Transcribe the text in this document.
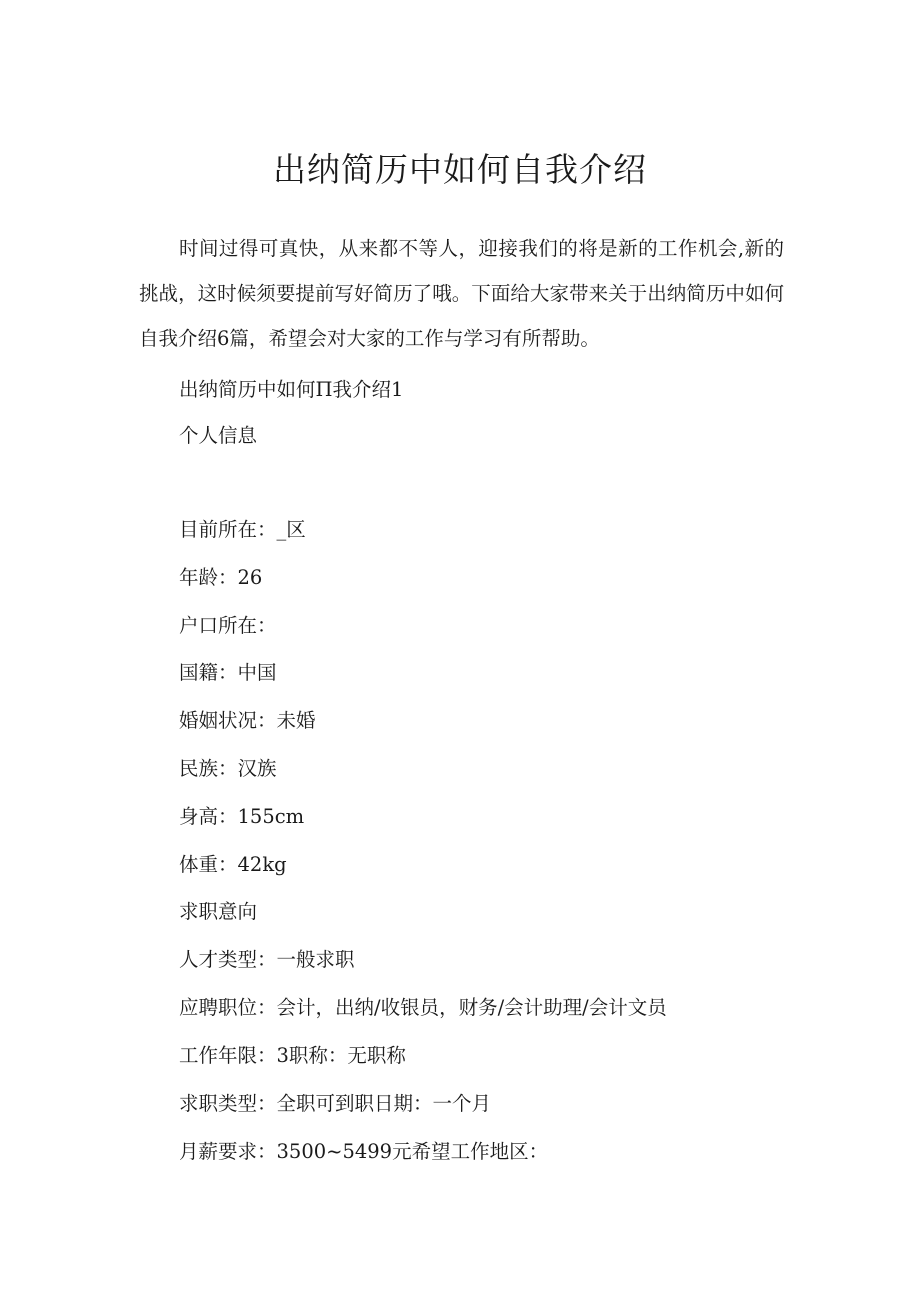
出纳简历中如何自我介绍

时间过得可真快，从来都不等人，迎接我们的将是新的工作机会,新的挑战，这时候须要提前写好简历了哦。下面给大家带来关于出纳简历中如何自我介绍6篇，希望会对大家的工作与学习有所帮助。

出纳简历中如何П我介绍1

个人信息

目前所在：_区

年龄：26

户口所在：

国籍：中国

婚姻状况：未婚

民族：汉族

身高：155cm

体重：42kg

求职意向

人才类型：一般求职

应聘职位：会计，出纳/收银员，财务/会计助理/会计文员

工作年限：3职称：无职称

求职类型：全职可到职日期：一个月

月薪要求：3500~5499元希望工作地区：
